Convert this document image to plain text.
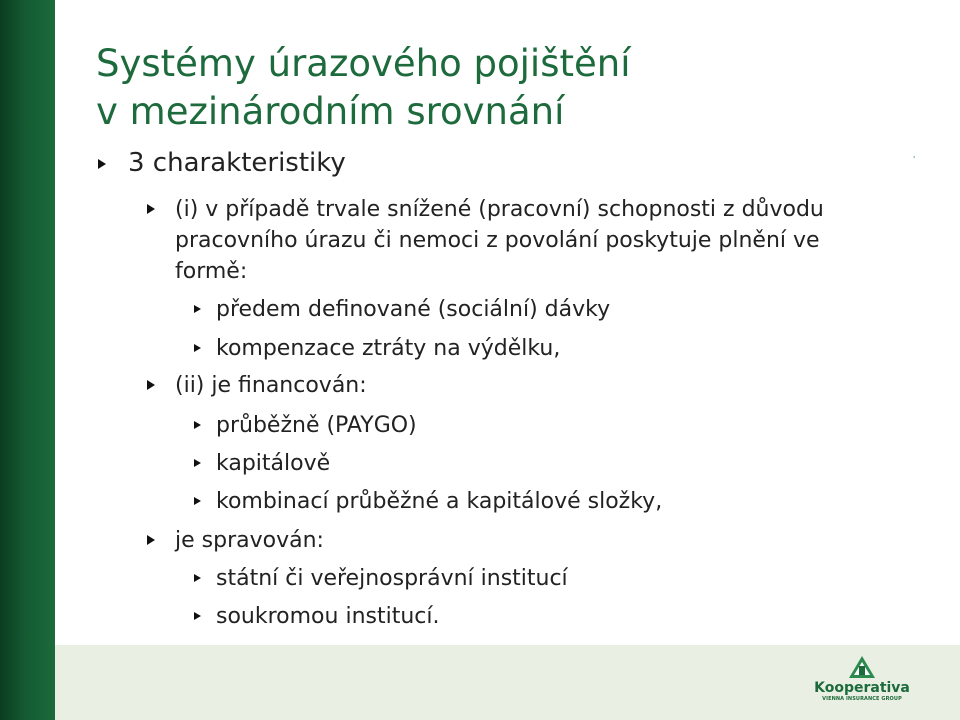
Systémy úrazového pojištění
v mezinárodním srovnání
'
3 charakteristiky
(i) v případě trvale snížené (pracovní) schopnosti z důvodu pracovního úrazu či nemoci z povolání poskytuje plnění ve formě:
předem definované (sociální) dávky
kompenzace ztráty na výdělku,
(ii) je financován:
průběžně (PAYGO)
kapitálově
kombinací průběžné a kapitálové složky,
je spravován:
státní či veřejnosprávní institucí
soukromou institucí.
Kooperativa
VIENNA INSURANCE GROUP
